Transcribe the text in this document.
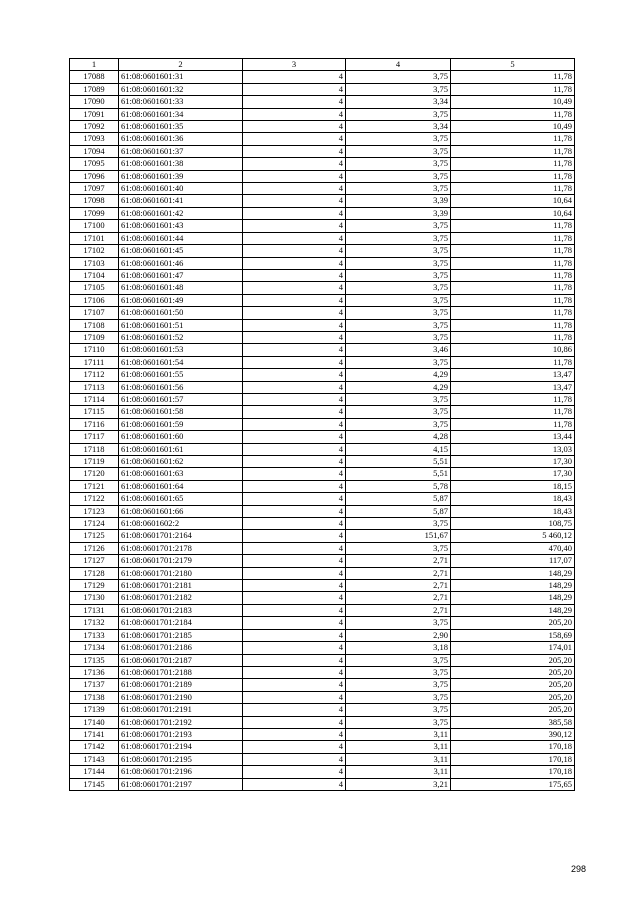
1	2	3	4	5
17088	61:08:0601601:31	4	3,75	11,78
17089	61:08:0601601:32	4	3,75	11,78
17090	61:08:0601601:33	4	3,34	10,49
17091	61:08:0601601:34	4	3,75	11,78
17092	61:08:0601601:35	4	3,34	10,49
17093	61:08:0601601:36	4	3,75	11,78
17094	61:08:0601601:37	4	3,75	11,78
17095	61:08:0601601:38	4	3,75	11,78
17096	61:08:0601601:39	4	3,75	11,78
17097	61:08:0601601:40	4	3,75	11,78
17098	61:08:0601601:41	4	3,39	10,64
17099	61:08:0601601:42	4	3,39	10,64
17100	61:08:0601601:43	4	3,75	11,78
17101	61:08:0601601:44	4	3,75	11,78
17102	61:08:0601601:45	4	3,75	11,78
17103	61:08:0601601:46	4	3,75	11,78
17104	61:08:0601601:47	4	3,75	11,78
17105	61:08:0601601:48	4	3,75	11,78
17106	61:08:0601601:49	4	3,75	11,78
17107	61:08:0601601:50	4	3,75	11,78
17108	61:08:0601601:51	4	3,75	11,78
17109	61:08:0601601:52	4	3,75	11,78
17110	61:08:0601601:53	4	3,46	10,86
17111	61:08:0601601:54	4	3,75	11,78
17112	61:08:0601601:55	4	4,29	13,47
17113	61:08:0601601:56	4	4,29	13,47
17114	61:08:0601601:57	4	3,75	11,78
17115	61:08:0601601:58	4	3,75	11,78
17116	61:08:0601601:59	4	3,75	11,78
17117	61:08:0601601:60	4	4,28	13,44
17118	61:08:0601601:61	4	4,15	13,03
17119	61:08:0601601:62	4	5,51	17,30
17120	61:08:0601601:63	4	5,51	17,30
17121	61:08:0601601:64	4	5,78	18,15
17122	61:08:0601601:65	4	5,87	18,43
17123	61:08:0601601:66	4	5,87	18,43
17124	61:08:0601602:2	4	3,75	108,75
17125	61:08:0601701:2164	4	151,67	5 460,12
17126	61:08:0601701:2178	4	3,75	470,40
17127	61:08:0601701:2179	4	2,71	117,07
17128	61:08:0601701:2180	4	2,71	148,29
17129	61:08:0601701:2181	4	2,71	148,29
17130	61:08:0601701:2182	4	2,71	148,29
17131	61:08:0601701:2183	4	2,71	148,29
17132	61:08:0601701:2184	4	3,75	205,20
17133	61:08:0601701:2185	4	2,90	158,69
17134	61:08:0601701:2186	4	3,18	174,01
17135	61:08:0601701:2187	4	3,75	205,20
17136	61:08:0601701:2188	4	3,75	205,20
17137	61:08:0601701:2189	4	3,75	205,20
17138	61:08:0601701:2190	4	3,75	205,20
17139	61:08:0601701:2191	4	3,75	205,20
17140	61:08:0601701:2192	4	3,75	385,58
17141	61:08:0601701:2193	4	3,11	390,12
17142	61:08:0601701:2194	4	3,11	170,18
17143	61:08:0601701:2195	4	3,11	170,18
17144	61:08:0601701:2196	4	3,11	170,18
17145	61:08:0601701:2197	4	3,21	175,65
298
